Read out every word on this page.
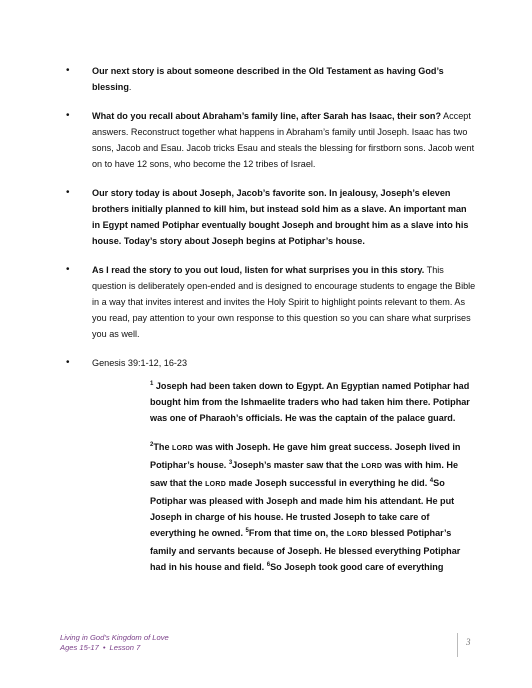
• Our next story is about someone described in the Old Testament as having God’s blessing.
• What do you recall about Abraham’s family line, after Sarah has Isaac, their son? Accept answers. Reconstruct together what happens in Abraham’s family until Joseph. Isaac has two sons, Jacob and Esau. Jacob tricks Esau and steals the blessing for firstborn sons. Jacob went on to have 12 sons, who become the 12 tribes of Israel.
• Our story today is about Joseph, Jacob’s favorite son. In jealousy, Joseph’s eleven brothers initially planned to kill him, but instead sold him as a slave. An important man in Egypt named Potiphar eventually bought Joseph and brought him as a slave into his house. Today’s story about Joseph begins at Potiphar’s house.
• As I read the story to you out loud, listen for what surprises you in this story. This question is deliberately open-ended and is designed to encourage students to engage the Bible in a way that invites interest and invites the Holy Spirit to highlight points relevant to them. As you read, pay attention to your own response to this question so you can share what surprises you as well.
• Genesis 39:1-12, 16-23
$^1$ Joseph had been taken down to Egypt. An Egyptian named Potiphar had bought him from the Ishmaelite traders who had taken him there. Potiphar was one of Pharaoh’s officials. He was the captain of the palace guard.
$^2$The LORD was with Joseph. He gave him great success. Joseph lived in Potiphar’s house. $^3$Joseph’s master saw that the LORD was with him. He saw that the LORD made Joseph successful in everything he did. $^4$So Potiphar was pleased with Joseph and made him his attendant. He put Joseph in charge of his house. He trusted Joseph to take care of everything he owned. $^5$From that time on, the LORD blessed Potiphar’s family and servants because of Joseph. He blessed everything Potiphar had in his house and field. $^6$So Joseph took good care of everything
Living in God’s Kingdom of Love
Ages 15-17 • Lesson 7
3
